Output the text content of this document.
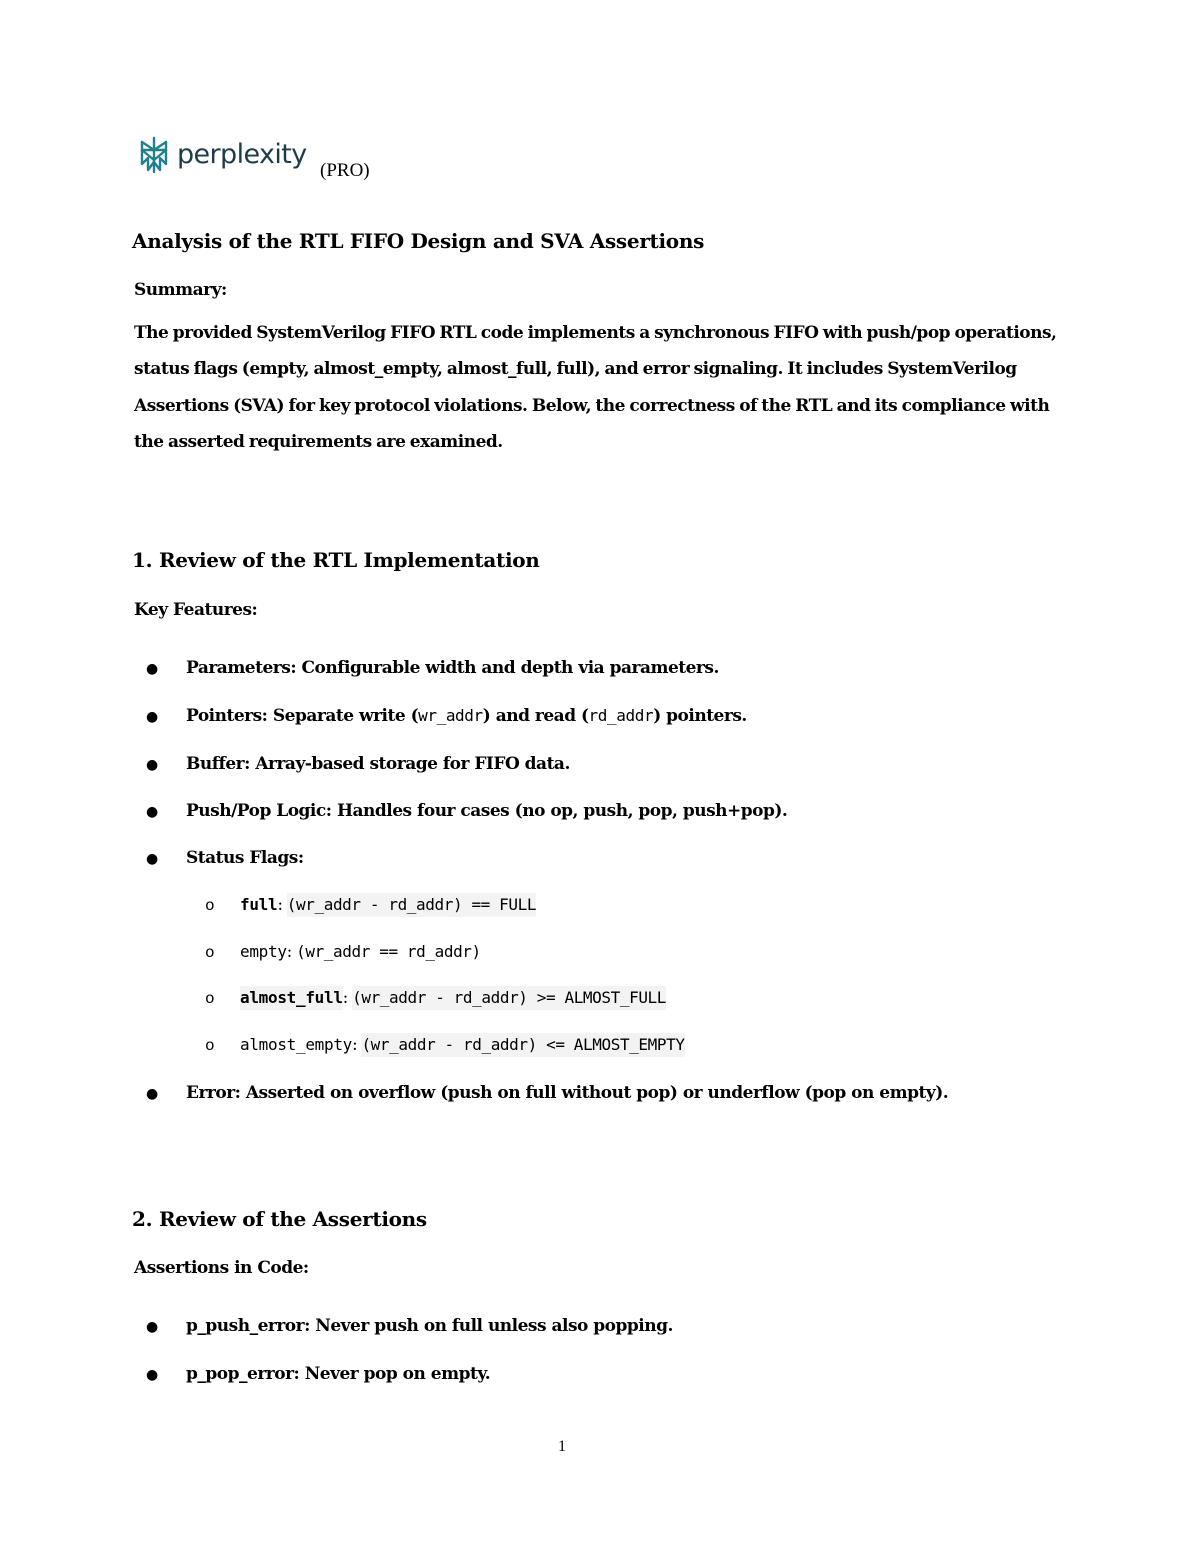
perplexity
(PRO)
Analysis of the RTL FIFO Design and SVA Assertions
Summary:
The provided SystemVerilog FIFO RTL code implements a synchronous FIFO with push/pop operations, status flags (empty, almost_empty, almost_full, full), and error signaling. It includes SystemVerilog Assertions (SVA) for key protocol violations. Below, the correctness of the RTL and its compliance with the asserted requirements are examined.
1. Review of the RTL Implementation
Key Features:
●	Parameters: Configurable width and depth via parameters.
●	Pointers: Separate write (wr_addr) and read (rd_addr) pointers.
●	Buffer: Array-based storage for FIFO data.
●	Push/Pop Logic: Handles four cases (no op, push, pop, push+pop).
●	Status Flags:
o	full : (wr_addr - rd_addr) == FULL
o	empty : (wr_addr == rd_addr)
o	almost_full : (wr_addr - rd_addr) >= ALMOST_FULL
o	almost_empty : (wr_addr - rd_addr) <= ALMOST_EMPTY
●	Error: Asserted on overflow (push on full without pop) or underflow (pop on empty).
2. Review of the Assertions
Assertions in Code:
●	p_push_error: Never push on full unless also popping.
●	p_pop_error: Never pop on empty.
1
